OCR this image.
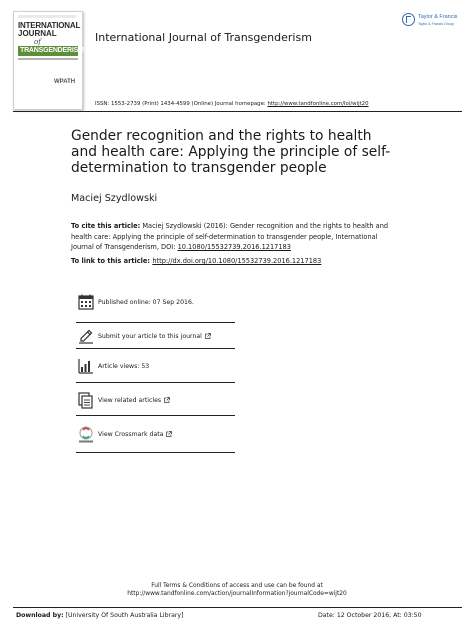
INTERNATIONAL
JOURNAL
of
TRANSGENDERISM
WPATH
International Journal of Transgenderism
Taylor & Francis
Taylor & Francis Group
ISSN: 1553-2739 (Print) 1434-4599 (Online) Journal homepage: http://www.tandfonline.com/loi/wijt20
Gender recognition and the rights to health
and health care: Applying the principle of self-
determination to transgender people
Maciej Szydlowski
To cite this article: Maciej Szydlowski (2016): Gender recognition and the rights to health and
health care: Applying the principle of self-determination to transgender people, International
Journal of Transgenderism, DOI: 10.1080/15532739.2016.1217183
To link to this article: http://dx.doi.org/10.1080/15532739.2016.1217183
Published online: 07 Sep 2016.
Submit your article to this journal
Article views: 53
View related articles
View Crossmark data
Full Terms & Conditions of access and use can be found at
http://www.tandfonline.com/action/journalInformation?journalCode=wijt20
Download by: [University Of South Australia Library]	Date: 12 October 2016, At: 03:50
